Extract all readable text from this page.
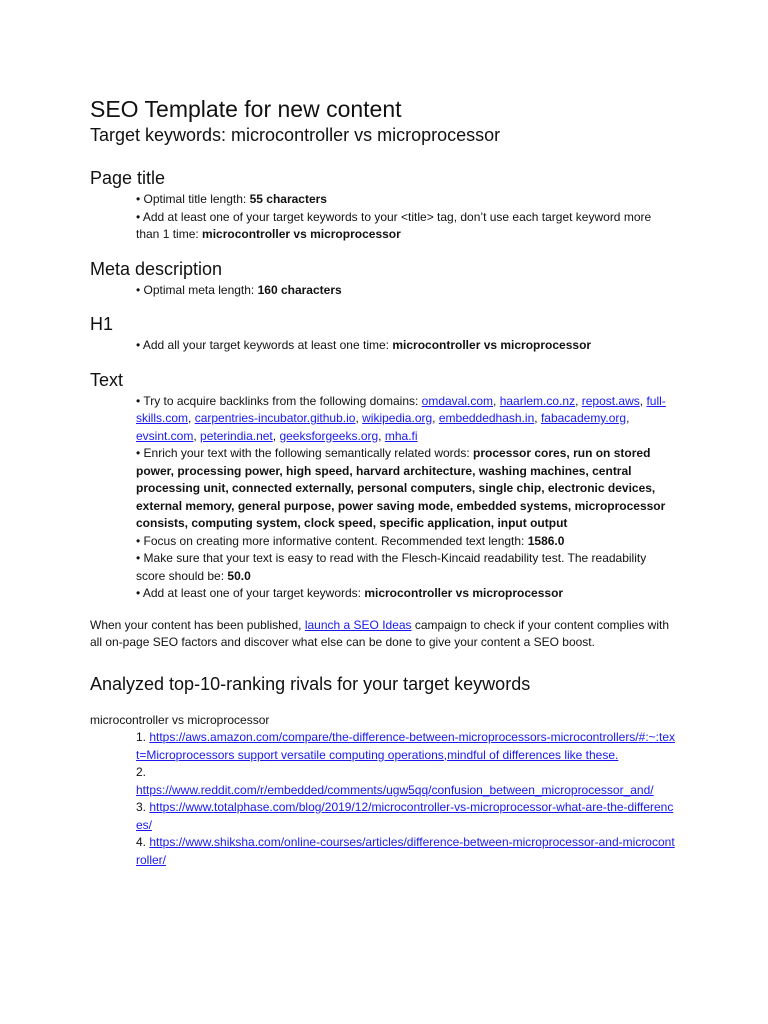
SEO Template for new content
Target keywords: microcontroller vs microprocessor
Page title

• Optimal title length: 55 characters

• Add at least one of your target keywords to your <title> tag, don’t use each target keyword more than 1 time: microcontroller vs microprocessor

Meta description

• Optimal meta length: 160 characters

H1

• Add all your target keywords at least one time: microcontroller vs microprocessor

Text

• Try to acquire backlinks from the following domains: omdaval.com, haarlem.co.nz, repost.aws, full-skills.com, carpentries-incubator.github.io, wikipedia.org, embeddedhash.in, fabacademy.org, evsint.com, peterindia.net, geeksforgeeks.org, mha.fi

• Enrich your text with the following semantically related words: processor cores, run on stored power, processing power, high speed, harvard architecture, washing machines, central processing unit, connected externally, personal computers, single chip, electronic devices, external memory, general purpose, power saving mode, embedded systems, microprocessor consists, computing system, clock speed, specific application, input output

• Focus on creating more informative content. Recommended text length: 1586.0

• Make sure that your text is easy to read with the Flesch-Kincaid readability test. The readability score should be: 50.0

• Add at least one of your target keywords: microcontroller vs microprocessor

When your content has been published, launch a SEO Ideas campaign to check if your content complies with all on-page SEO factors and discover what else can be done to give your content a SEO boost.

Analyzed top-10-ranking rivals for your target keywords

microcontroller vs microprocessor

1. https://aws.amazon.com/compare/the-difference-between-microprocessors-microcontrollers/#:~:text=Microprocessors support versatile computing operations,mindful of differences like these.

2.
https://www.reddit.com/r/embedded/comments/ugw5qq/confusion_between_microprocessor_and/

3. https://www.totalphase.com/blog/2019/12/microcontroller-vs-microprocessor-what-are-the-differences/

4. https://www.shiksha.com/online-courses/articles/difference-between-microprocessor-and-microcontroller/
